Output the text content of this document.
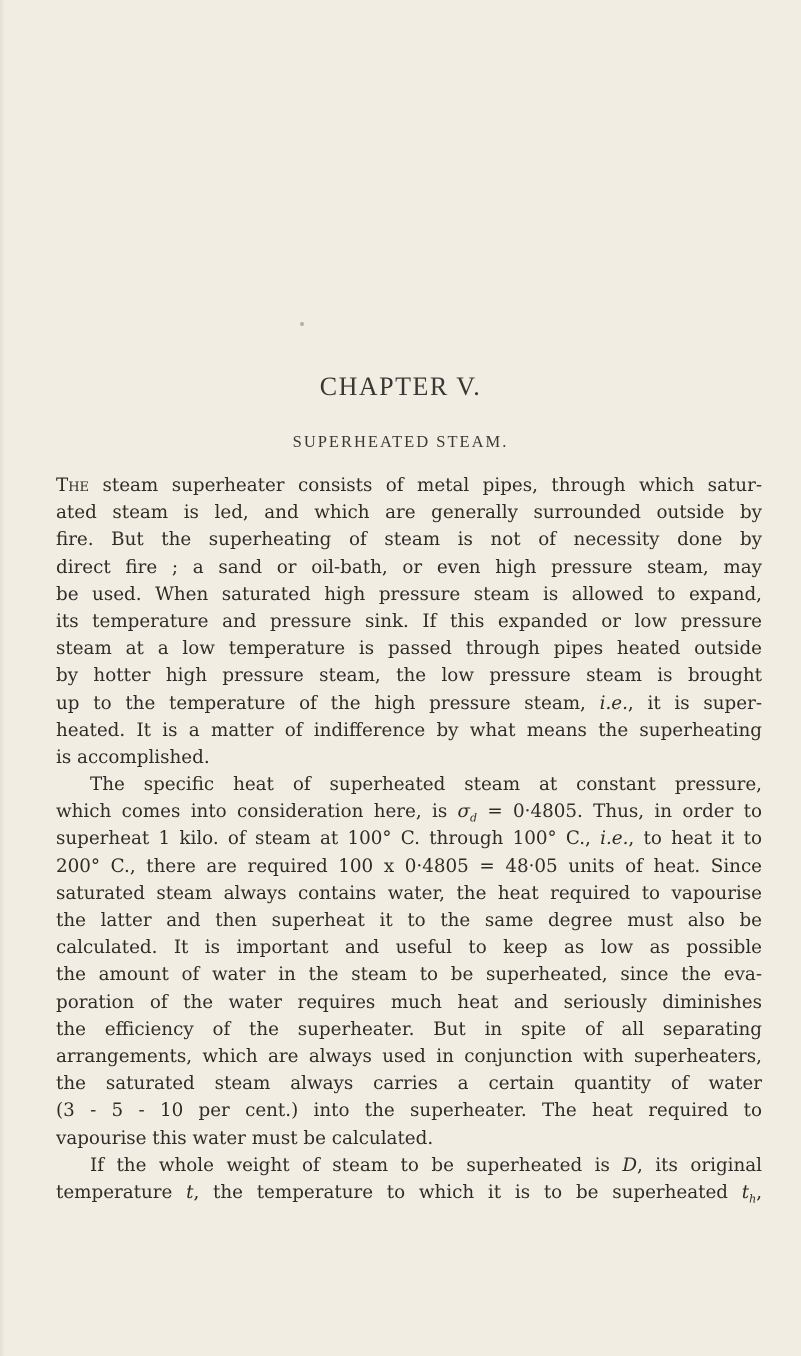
CHAPTER V.
SUPERHEATED STEAM.
The steam superheater consists of metal pipes, through which satur-
ated steam is led, and which are generally surrounded outside by
fire. But the superheating of steam is not of necessity done by
direct fire ; a sand or oil-bath, or even high pressure steam, may
be used. When saturated high pressure steam is allowed to expand,
its temperature and pressure sink. If this expanded or low pressure
steam at a low temperature is passed through pipes heated outside
by hotter high pressure steam, the low pressure steam is brought
up to the temperature of the high pressure steam, i.e., it is super-
heated. It is a matter of indifference by what means the superheating
is accomplished.
The specific heat of superheated steam at constant pressure,
which comes into consideration here, is $\sigma_d = 0\cdot 4805$. Thus, in order to
superheat 1 kilo. of steam at 100° C. through 100° C., i.e., to heat it to
200° C., there are required 100 x 0·4805 = 48·05 units of heat. Since
saturated steam always contains water, the heat required to vapourise
the latter and then superheat it to the same degree must also be
calculated. It is important and useful to keep as low as possible
the amount of water in the steam to be superheated, since the eva-
poration of the water requires much heat and seriously diminishes
the efficiency of the superheater. But in spite of all separating
arrangements, which are always used in conjunction with superheaters,
the saturated steam always carries a certain quantity of water
(3 - 5 - 10 per cent.) into the superheater. The heat required to
vapourise this water must be calculated.
If the whole weight of steam to be superheated is D, its original
temperature t, the temperature to which it is to be superheated $t_h$,
